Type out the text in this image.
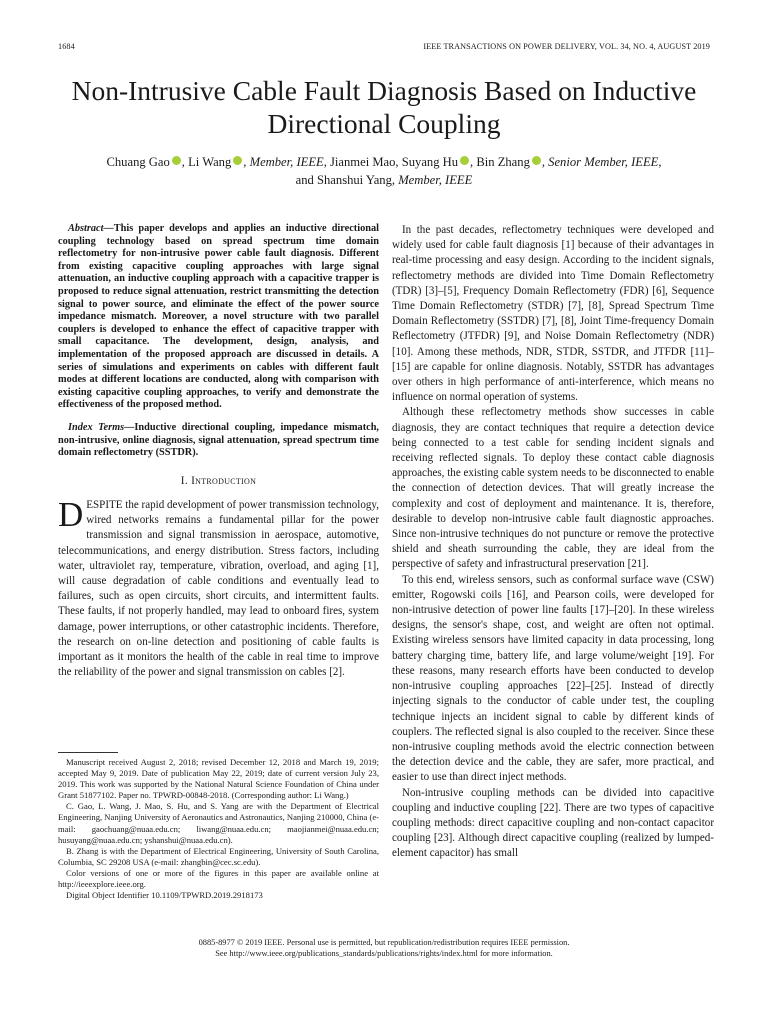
1684	IEEE TRANSACTIONS ON POWER DELIVERY, VOL. 34, NO. 4, AUGUST 2019
Non-Intrusive Cable Fault Diagnosis Based on Inductive Directional Coupling
Chuang Gao , Li Wang , Member, IEEE, Jianmei Mao, Suyang Hu , Bin Zhang , Senior Member, IEEE,
and Shanshui Yang, Member, IEEE

Abstract—This paper develops and applies an inductive directional coupling technology based on spread spectrum time domain reflectometry for non-intrusive power cable fault diagnosis. Different from existing capacitive coupling approaches with large signal attenuation, an inductive coupling approach with a capacitive trapper is proposed to reduce signal attenuation, restrict transmitting the detection signal to power source, and eliminate the effect of the power source impedance mismatch. Moreover, a novel structure with two parallel couplers is developed to enhance the effect of capacitive trapper with small capacitance. The development, design, analysis, and implementation of the proposed approach are discussed in details. A series of simulations and experiments on cables with different fault modes at different locations are conducted, along with comparison with existing capacitive coupling approaches, to verify and demonstrate the effectiveness of the proposed method.

Index Terms—Inductive directional coupling, impedance mismatch, non-intrusive, online diagnosis, signal attenuation, spread spectrum time domain reflectometry (SSTDR).

I. Introduction

DESPITE the rapid development of power transmission technology, wired networks remains a fundamental pillar for the power transmission and signal transmission in aerospace, automotive, telecommunications, and energy distribution. Stress factors, including water, ultraviolet ray, temperature, vibration, overload, and aging [1], will cause degradation of cable conditions and eventually lead to failures, such as open circuits, short circuits, and intermittent faults. These faults, if not properly handled, may lead to onboard fires, system damage, power interruptions, or other catastrophic incidents. Therefore, the research on on-line detection and positioning of cable faults is important as it monitors the health of the cable in real time to improve the reliability of the power and signal transmission on cables [2].

Manuscript received August 2, 2018; revised December 12, 2018 and March 19, 2019; accepted May 9, 2019. Date of publication May 22, 2019; date of current version July 23, 2019. This work was supported by the National Natural Science Foundation of China under Grant 51877102. Paper no. TPWRD-00848-2018. (Corresponding author: Li Wang.)

C. Gao, L. Wang, J. Mao, S. Hu, and S. Yang are with the Department of Electrical Engineering, Nanjing University of Aeronautics and Astronautics, Nanjing 210000, China (e-mail: gaochuang@nuaa.edu.cn; liwang@nuaa.edu.cn; maojianmei@nuaa.edu.cn; husuyang@nuaa.edu.cn; yshanshui@nuaa.edu.cn).

B. Zhang is with the Department of Electrical Engineering, University of South Carolina, Columbia, SC 29208 USA (e-mail: zhangbin@cec.sc.edu).

Color versions of one or more of the figures in this paper are available online at http://ieeexplore.ieee.org.

Digital Object Identifier 10.1109/TPWRD.2019.2918173

In the past decades, reflectometry techniques were developed and widely used for cable fault diagnosis [1] because of their advantages in real-time processing and easy design. According to the incident signals, reflectometry methods are divided into Time Domain Reflectometry (TDR) [3]–[5], Frequency Domain Reflectometry (FDR) [6], Sequence Time Domain Reflectometry (STDR) [7], [8], Spread Spectrum Time Domain Reflectometry (SSTDR) [7], [8], Joint Time-frequency Domain Reflectometry (JTFDR) [9], and Noise Domain Reflectometry (NDR) [10]. Among these methods, NDR, STDR, SSTDR, and JTFDR [11]–[15] are capable for online diagnosis. Notably, SSTDR has advantages over others in high performance of anti-interference, which means no influence on normal operation of systems.

Although these reflectometry methods show successes in cable diagnosis, they are contact techniques that require a detection device being connected to a test cable for sending incident signals and receiving reflected signals. To deploy these contact cable diagnosis approaches, the existing cable system needs to be disconnected to enable the connection of detection devices. That will greatly increase the complexity and cost of deployment and maintenance. It is, therefore, desirable to develop non-intrusive cable fault diagnostic approaches. Since non-intrusive techniques do not puncture or remove the protective shield and sheath surrounding the cable, they are ideal from the perspective of safety and infrastructural preservation [21].

To this end, wireless sensors, such as conformal surface wave (CSW) emitter, Rogowski coils [16], and Pearson coils, were developed for non-intrusive detection of power line faults [17]–[20]. In these wireless designs, the sensor's shape, cost, and weight are often not optimal. Existing wireless sensors have limited capacity in data processing, long battery charging time, battery life, and large volume/weight [19]. For these reasons, many research efforts have been conducted to develop non-intrusive coupling approaches [22]–[25]. Instead of directly injecting signals to the conductor of cable under test, the coupling technique injects an incident signal to cable by different kinds of couplers. The reflected signal is also coupled to the receiver. Since these non-intrusive coupling methods avoid the electric connection between the detection device and the cable, they are safer, more practical, and easier to use than direct inject methods.

Non-intrusive coupling methods can be divided into capacitive coupling and inductive coupling [22]. There are two types of capacitive coupling methods: direct capacitive coupling and non-contact capacitor coupling [23]. Although direct capacitive coupling (realized by lumped-element capacitor) has small

0885-8977 © 2019 IEEE. Personal use is permitted, but republication/redistribution requires IEEE permission.
See http://www.ieee.org/publications_standards/publications/rights/index.html for more information.
